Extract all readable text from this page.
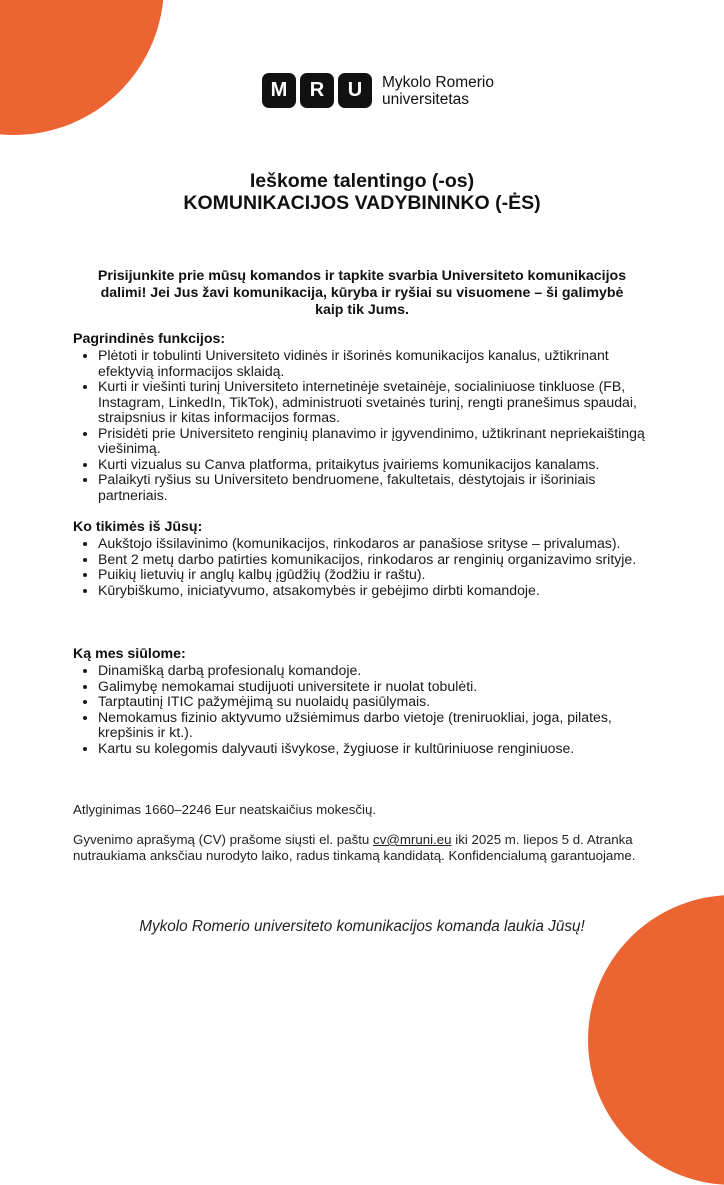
M	R	U	Mykolo Romerio
universitetas
Ieškome talentingo (-os)
KOMUNIKACIJOS VADYBININKO (-ĖS)
Prisijunkite prie mūsų komandos ir tapkite svarbia Universiteto komunikacijos dalimi! Jei Jus žavi komunikacija, kūryba ir ryšiai su visuomene – ši galimybė kaip tik Jums.
Pagrindinės funkcijos:
• Plėtoti ir tobulinti Universiteto vidinės ir išorinės komunikacijos kanalus, užtikrinant efektyvią informacijos sklaidą.
• Kurti ir viešinti turinį Universiteto internetinėje svetainėje, socialiniuose tinkluose (FB, Instagram, LinkedIn, TikTok), administruoti svetainės turinį, rengti pranešimus spaudai, straipsnius ir kitas informacijos formas.
• Prisidėti prie Universiteto renginių planavimo ir įgyvendinimo, užtikrinant nepriekaištingą viešinimą.
• Kurti vizualus su Canva platforma, pritaikytus įvairiems komunikacijos kanalams.
• Palaikyti ryšius su Universiteto bendruomene, fakultetais, dėstytojais ir išoriniais partneriais.
Ko tikimės iš Jūsų:
• Aukštojo išsilavinimo (komunikacijos, rinkodaros ar panašiose srityse – privalumas).
• Bent 2 metų darbo patirties komunikacijos, rinkodaros ar renginių organizavimo srityje.
• Puikių lietuvių ir anglų kalbų įgūdžių (žodžiu ir raštu).
• Kūrybiškumo, iniciatyvumo, atsakomybės ir gebėjimo dirbti komandoje.
Ką mes siūlome:
• Dinamišką darbą profesionalų komandoje.
• Galimybę nemokamai studijuoti universitete ir nuolat tobulėti.
• Tarptautinį ITIC pažymėjimą su nuolaidų pasiūlymais.
• Nemokamus fizinio aktyvumo užsiėmimus darbo vietoje (treniruokliai, joga, pilates, krepšinis ir kt.).
• Kartu su kolegomis dalyvauti išvykose, žygiuose ir kultūriniuose renginiuose.
Atlyginimas 1660–2246 Eur neatskaičius mokesčių.
Gyvenimo aprašymą (CV) prašome siųsti el. paštu cv@mruni.eu iki 2025 m. liepos 5 d. Atranka nutraukiama anksčiau nurodyto laiko, radus tinkamą kandidatą. Konfidencialumą garantuojame.
Mykolo Romerio universiteto komunikacijos komanda laukia Jūsų!
